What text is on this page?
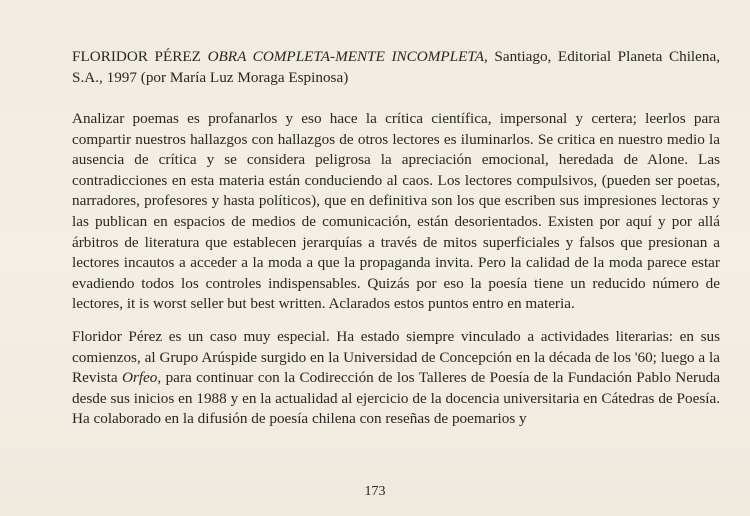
FLORIDOR PÉREZ OBRA COMPLETA-MENTE INCOMPLETA, Santiago, Editorial Planeta Chilena, S.A., 1997 (por María Luz Moraga Espinosa)

Analizar poemas es profanarlos y eso hace la crítica científica, impersonal y certera; leerlos para compartir nuestros hallazgos con hallazgos de otros lectores es iluminarlos. Se critica en nuestro medio la ausencia de crítica y se considera peligrosa la apreciación emocional, heredada de Alone. Las contradicciones en esta materia están conduciendo al caos. Los lectores compulsivos, (pueden ser poetas, narradores, profesores y hasta políticos), que en definitiva son los que escriben sus impresiones lectoras y las publican en espacios de medios de comunicación, están desorientados. Existen por aquí y por allá árbitros de literatura que establecen jerarquías a través de mitos superficiales y falsos que presionan a lectores incautos a acceder a la moda a que la propaganda invita. Pero la calidad de la moda parece estar evadiendo todos los controles indispensables. Quizás por eso la poesía tiene un reducido número de lectores, it is worst seller but best written. Aclarados estos puntos entro en materia.

Floridor Pérez es un caso muy especial. Ha estado siempre vinculado a actividades literarias: en sus comienzos, al Grupo Arúspide surgido en la Universidad de Concepción en la década de los '60; luego a la Revista Orfeo, para continuar con la Codirección de los Talleres de Poesía de la Fundación Pablo Neruda desde sus inicios en 1988 y en la actualidad al ejercicio de la docencia universitaria en Cátedras de Poesía. Ha colaborado en la difusión de poesía chilena con reseñas de poemarios y

173
